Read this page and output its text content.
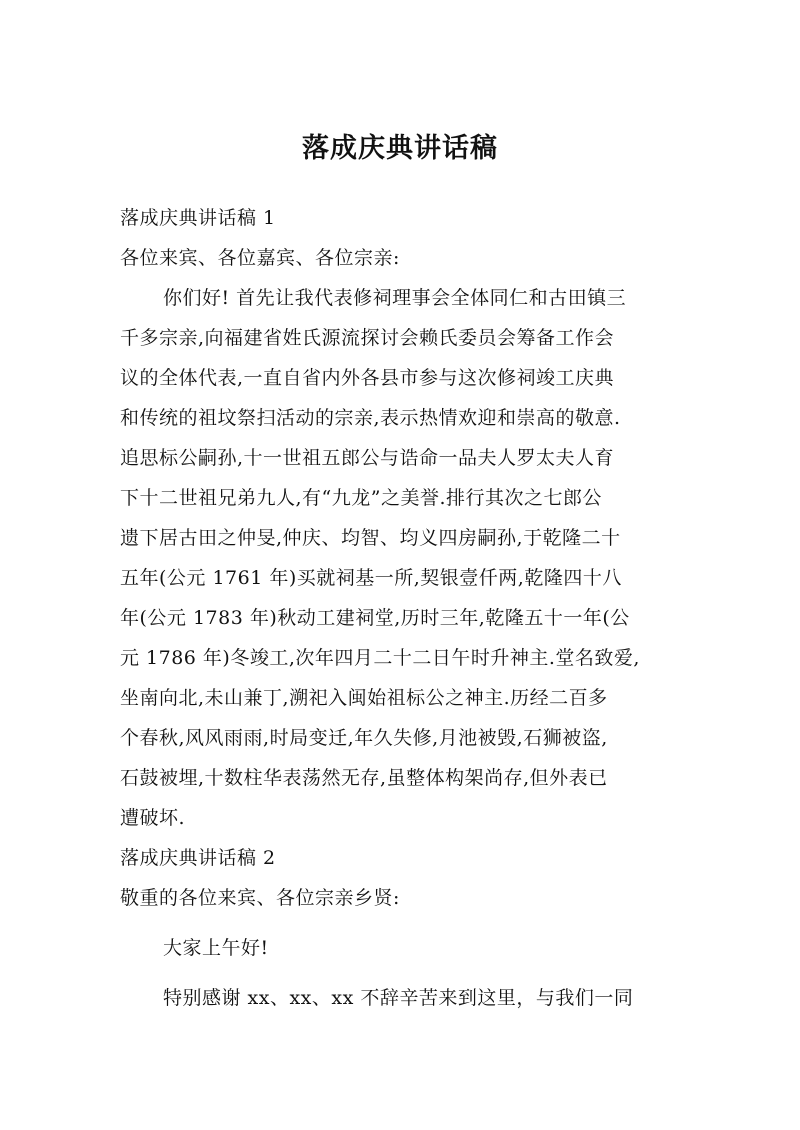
落成庆典讲话稿
落成庆典讲话稿 1
各位来宾、各位嘉宾、各位宗亲:
你们好! 首先让我代表修祠理事会全体同仁和古田镇三
千多宗亲,向福建省姓氏源流探讨会赖氏委员会筹备工作会
议的全体代表,一直自省内外各县市参与这次修祠竣工庆典
和传统的祖坟祭扫活动的宗亲,表示热情欢迎和崇高的敬意.
追思标公嗣孙,十一世祖五郎公与诰命一品夫人罗太夫人育
下十二世祖兄弟九人,有“九龙”之美誉.排行其次之七郎公
遗下居古田之仲旻,仲庆、均智、均义四房嗣孙,于乾隆二十
五年(公元 1761 年)买就祠基一所,契银壹仟两,乾隆四十八
年(公元 1783 年)秋动工建祠堂,历时三年,乾隆五十一年(公
元 1786 年)冬竣工,次年四月二十二日午时升神主.堂名致爱,
坐南向北,未山兼丁,溯祀入闽始祖标公之神主.历经二百多
个春秋,风风雨雨,时局变迁,年久失修,月池被毁,石狮被盗,
石鼓被埋,十数柱华表荡然无存,虽整体构架尚存,但外表已
遭破坏.
落成庆典讲话稿 2
敬重的各位来宾、各位宗亲乡贤:
大家上午好!
特别感谢 xx、xx、xx 不辞辛苦来到这里，与我们一同
